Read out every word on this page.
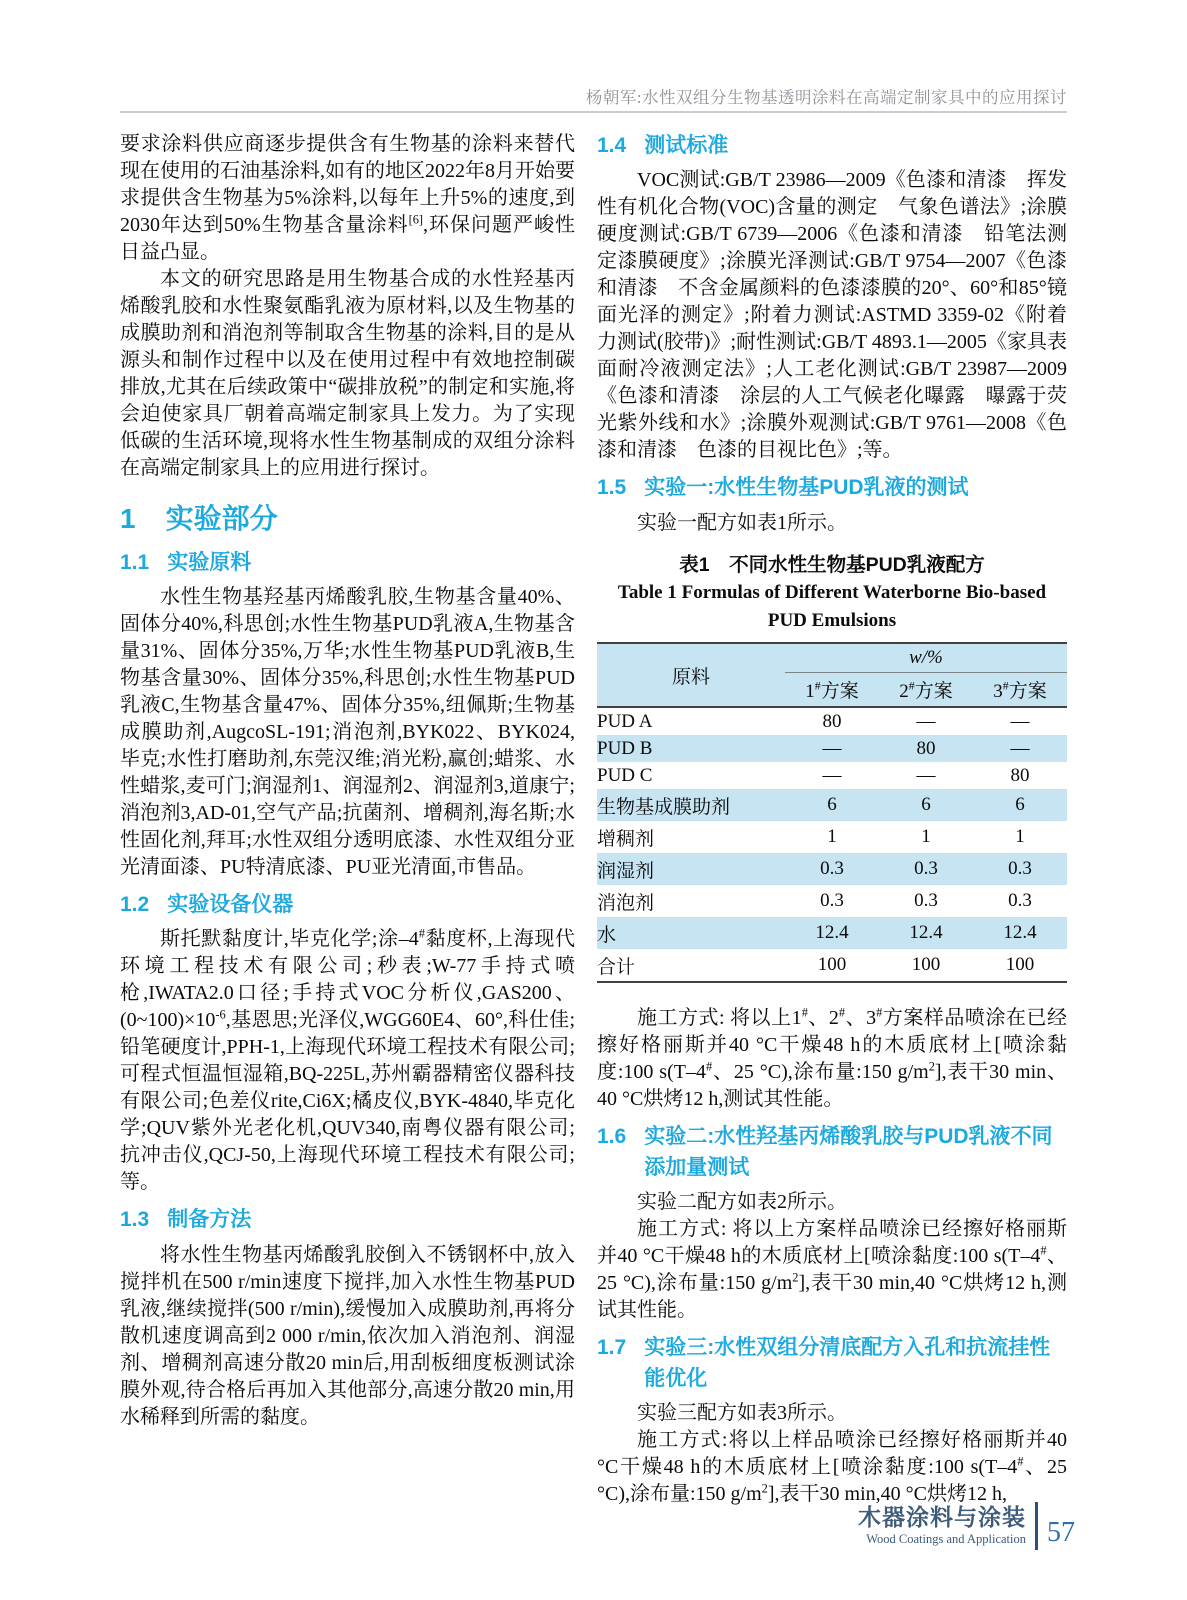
杨朝军:水性双组分生物基透明涂料在高端定制家具中的应用探讨

要求涂料供应商逐步提供含有生物基的涂料来替代现在使用的石油基涂料,如有的地区2022年8月开始要求提供含生物基为5%涂料,以每年上升5%的速度,到2030年达到50%生物基含量涂料[6],环保问题严峻性日益凸显。

本文的研究思路是用生物基合成的水性羟基丙烯酸乳胶和水性聚氨酯乳液为原材料,以及生物基的成膜助剂和消泡剂等制取含生物基的涂料,目的是从源头和制作过程中以及在使用过程中有效地控制碳排放,尤其在后续政策中“碳排放税”的制定和实施,将会迫使家具厂朝着高端定制家具上发力。为了实现低碳的生活环境,现将水性生物基制成的双组分涂料在高端定制家具上的应用进行探讨。

1 实验部分
1.1 实验原料

水性生物基羟基丙烯酸乳胶,生物基含量40%、固体分40%,科思创;水性生物基PUD乳液A,生物基含量31%、固体分35%,万华;水性生物基PUD乳液B,生物基含量30%、固体分35%,科思创;水性生物基PUD乳液C,生物基含量47%、固体分35%,纽佩斯;生物基成膜助剂,AugcoSL-191;消泡剂,BYK022、BYK024,毕克;水性打磨助剂,东莞汉维;消光粉,赢创;蜡浆、水性蜡浆,麦可门;润湿剂1、润湿剂2、润湿剂3,道康宁;消泡剂3,AD-01,空气产品;抗菌剂、增稠剂,海名斯;水性固化剂,拜耳;水性双组分透明底漆、水性双组分亚光清面漆、PU特清底漆、PU亚光清面,市售品。

1.2 实验设备仪器

斯托默黏度计,毕克化学;涂–4#黏度杯,上海现代环境工程技术有限公司;秒表;W-77手持式喷枪,IWATA2.0口径;手持式VOC分析仪,GAS200、$(0\sim 100)\times 10^{-6}$,基恩思;光泽仪,WGG60E4、60°,科仕佳;铅笔硬度计,PPH-1,上海现代环境工程技术有限公司;可程式恒温恒湿箱,BQ-225L,苏州霸器精密仪器科技有限公司;色差仪rite,Ci6X;橘皮仪,BYK-4840,毕克化学;QUV紫外光老化机,QUV340,南粤仪器有限公司;抗冲击仪,QCJ-50,上海现代环境工程技术有限公司;等。

1.3 制备方法

将水性生物基丙烯酸乳胶倒入不锈钢杯中,放入搅拌机在500 r/min速度下搅拌,加入水性生物基PUD乳液,继续搅拌(500 r/min),缓慢加入成膜助剂,再将分散机速度调高到2 000 r/min,依次加入消泡剂、润湿剂、增稠剂高速分散20 min后,用刮板细度板测试涂膜外观,待合格后再加入其他部分,高速分散20 min,用水稀释到所需的黏度。

1.4 测试标准

VOC测试:GB/T 23986—2009《色漆和清漆　挥发性有机化合物(VOC)含量的测定　气象色谱法》;涂膜硬度测试:GB/T 6739—2006《色漆和清漆　铅笔法测定漆膜硬度》;涂膜光泽测试:GB/T 9754—2007《色漆和清漆　不含金属颜料的色漆漆膜的20°、60°和85°镜面光泽的测定》;附着力测试:ASTMD 3359-02《附着力测试(胶带)》;耐性测试:GB/T 4893.1—2005《家具表面耐冷液测定法》;人工老化测试:GB/T 23987—2009《色漆和清漆　涂层的人工气候老化曝露　曝露于荧光紫外线和水》;涂膜外观测试:GB/T 9761—2008《色漆和清漆　色漆的目视比色》;等。

1.5 实验一:水性生物基PUD乳液的测试

实验一配方如表1所示。

表1　不同水性生物基PUD乳液配方

Table 1 Formulas of Different Waterborne Bio-based

PUD Emulsions

原料	w/%		
	1#方案	2#方案	3#方案
PUD A	80	—	—
PUD B	—	80	—
PUD C	—	—	80
生物基成膜助剂	6	6	6
增稠剂	1	1	1
润湿剂	0.3	0.3	0.3
消泡剂	0.3	0.3	0.3
水	12.4	12.4	12.4
合计	100	100	100

施工方式: 将以上1#、2#、3#方案样品喷涂在已经擦好格丽斯并40 °C干燥48 h的木质底材上[喷涂黏度:100 s(T–4#、25 °C),涂布量:150 $g/m^2$],表干30 min、40 °C烘烤12 h,测试其性能。

1.6 实验二:水性羟基丙烯酸乳胶与PUD乳液不同添加量测试

实验二配方如表2所示。

施工方式: 将以上方案样品喷涂已经擦好格丽斯并40 °C干燥48 h的木质底材上[喷涂黏度:100 s(T–4#、25 °C),涂布量:150 $g/m^2$],表干30 min,40 °C烘烤12 h,测试其性能。

1.7 实验三:水性双组分清底配方入孔和抗流挂性能优化

实验三配方如表3所示。

施工方式:将以上样品喷涂已经擦好格丽斯并40 °C干燥48 h的木质底材上[喷涂黏度:100 s(T–4#、25 °C),涂布量:150 $g/m^2$],表干30 min,40 °C烘烤12 h,

木器涂料与涂装
Wood Coatings and Application 57
